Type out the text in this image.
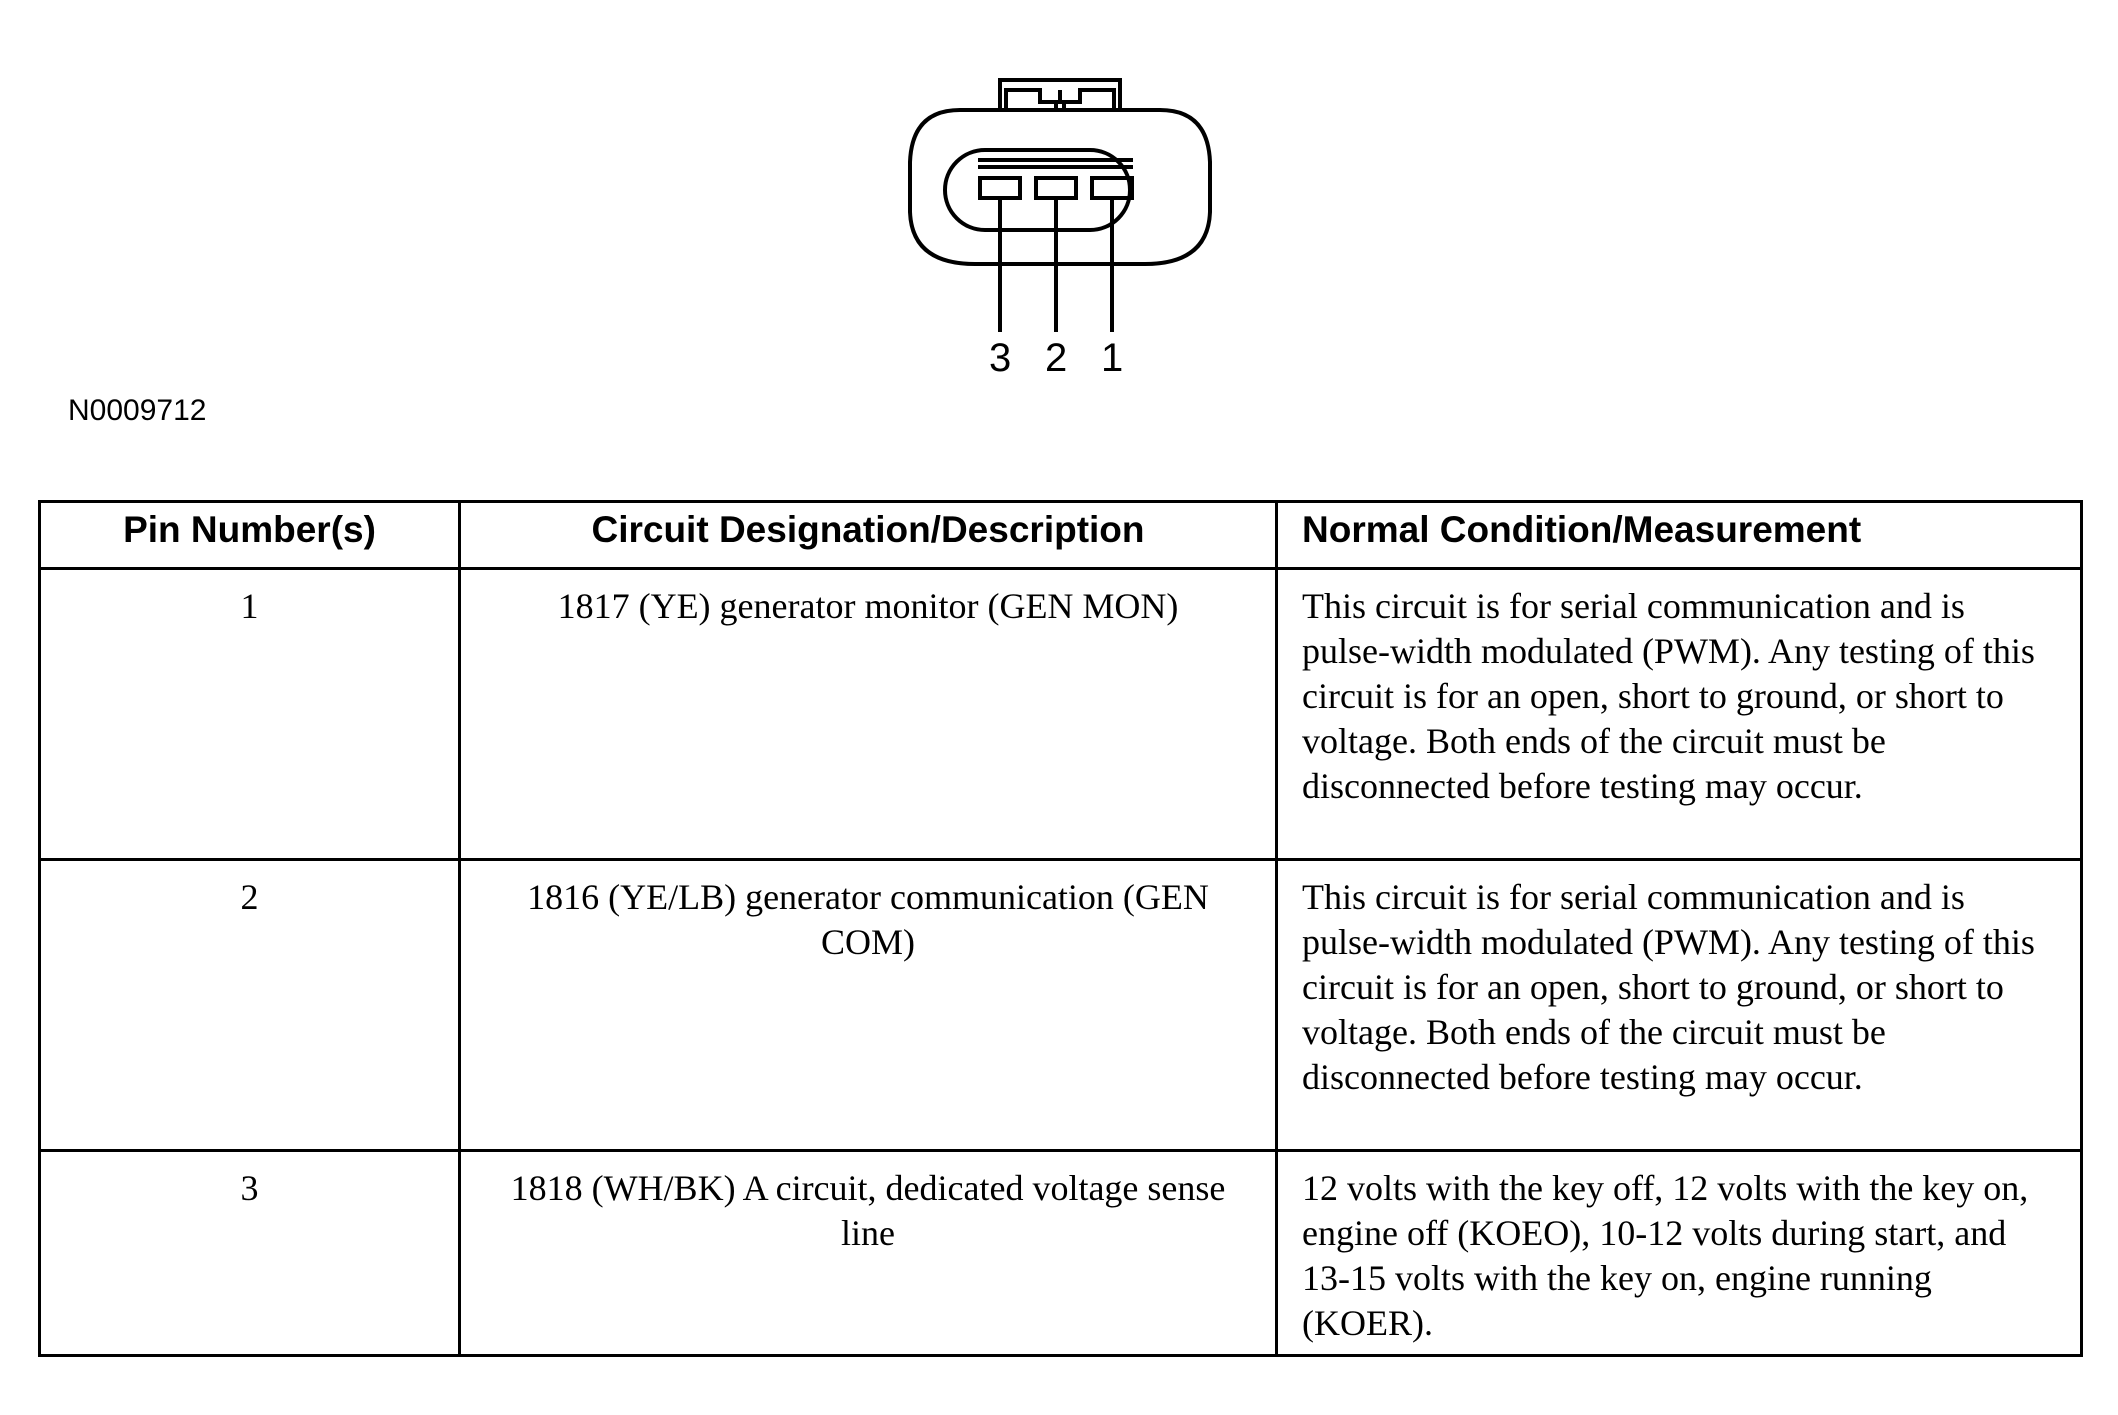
3 2 1
N0009712
Pin Number(s)	Circuit Designation/Description	Normal Condition/Measurement
1	1817 (YE) generator monitor (GEN MON)	This circuit is for serial communication and is pulse-width modulated (PWM). Any testing of this circuit is for an open, short to ground, or short to voltage. Both ends of the circuit must be disconnected before testing may occur.
2	1816 (YE/LB) generator communication (GEN COM)	This circuit is for serial communication and is pulse-width modulated (PWM). Any testing of this circuit is for an open, short to ground, or short to voltage. Both ends of the circuit must be disconnected before testing may occur.
3	1818 (WH/BK) A circuit, dedicated voltage sense line	12 volts with the key off, 12 volts with the key on, engine off (KOEO), 10-12 volts during start, and 13-15 volts with the key on, engine running (KOER).
